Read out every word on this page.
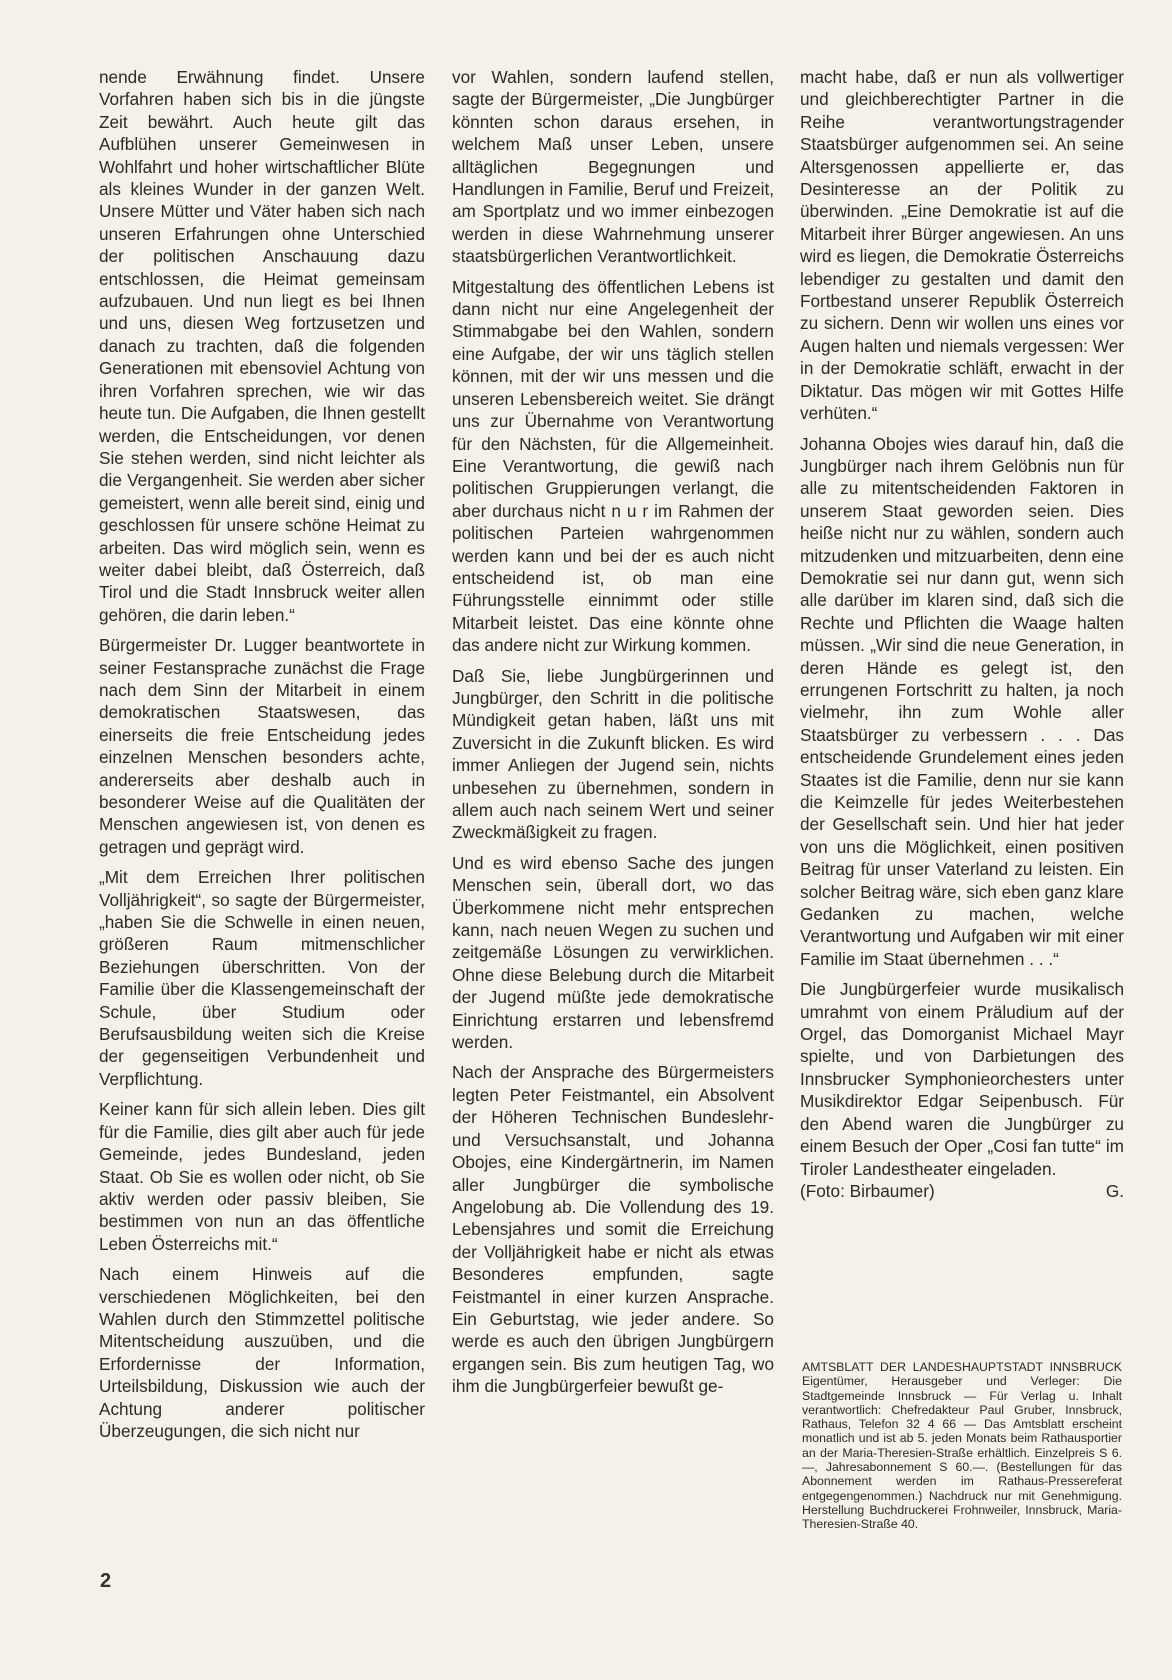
nende Erwähnung findet. Unsere Vorfahren haben sich bis in die jüngste Zeit bewährt. Auch heute gilt das Aufblühen unserer Gemeinwesen in Wohlfahrt und hoher wirtschaftlicher Blüte als kleines Wunder in der ganzen Welt. Unsere Mütter und Väter haben sich nach unseren Erfahrungen ohne Unterschied der politischen Anschauung dazu entschlossen, die Heimat gemeinsam aufzubauen. Und nun liegt es bei Ihnen und uns, diesen Weg fortzusetzen und danach zu trachten, daß die folgenden Generationen mit ebensoviel Achtung von ihren Vorfahren sprechen, wie wir das heute tun. Die Aufgaben, die Ihnen gestellt werden, die Entscheidungen, vor denen Sie stehen werden, sind nicht leichter als die Vergangenheit. Sie werden aber sicher gemeistert, wenn alle bereit sind, einig und geschlossen für unsere schöne Heimat zu arbeiten. Das wird möglich sein, wenn es weiter dabei bleibt, daß Österreich, daß Tirol und die Stadt Innsbruck weiter allen gehören, die darin leben.“

Bürgermeister Dr. Lugger beantwortete in seiner Festansprache zunächst die Frage nach dem Sinn der Mitarbeit in einem demokratischen Staatswesen, das einerseits die freie Entscheidung jedes einzelnen Menschen besonders achte, andererseits aber deshalb auch in besonderer Weise auf die Qualitäten der Menschen angewiesen ist, von denen es getragen und geprägt wird.

„Mit dem Erreichen Ihrer politischen Volljährigkeit“, so sagte der Bürgermeister, „haben Sie die Schwelle in einen neuen, größeren Raum mitmenschlicher Beziehungen überschritten. Von der Familie über die Klassengemeinschaft der Schule, über Studium oder Berufsausbildung weiten sich die Kreise der gegenseitigen Verbundenheit und Verpflichtung.

Keiner kann für sich allein leben. Dies gilt für die Familie, dies gilt aber auch für jede Gemeinde, jedes Bundesland, jeden Staat. Ob Sie es wollen oder nicht, ob Sie aktiv werden oder passiv bleiben, Sie bestimmen von nun an das öffentliche Leben Österreichs mit.“

Nach einem Hinweis auf die verschiedenen Möglichkeiten, bei den Wahlen durch den Stimmzettel politische Mitentscheidung auszuüben, und die Erfordernisse der Information, Urteilsbildung, Diskussion wie auch der Achtung anderer politischer Überzeugungen, die sich nicht nur

vor Wahlen, sondern laufend stellen, sagte der Bürgermeister, „Die Jungbürger könnten schon daraus ersehen, in welchem Maß unser Leben, unsere alltäglichen Begegnungen und Handlungen in Familie, Beruf und Freizeit, am Sportplatz und wo immer einbezogen werden in diese Wahrnehmung unserer staatsbürgerlichen Verantwortlichkeit.

Mitgestaltung des öffentlichen Lebens ist dann nicht nur eine Angelegenheit der Stimmabgabe bei den Wahlen, sondern eine Aufgabe, der wir uns täglich stellen können, mit der wir uns messen und die unseren Lebensbereich weitet. Sie drängt uns zur Übernahme von Verantwortung für den Nächsten, für die Allgemeinheit. Eine Verantwortung, die gewiß nach politischen Gruppierungen verlangt, die aber durchaus nicht n u r im Rahmen der politischen Parteien wahrgenommen werden kann und bei der es auch nicht entscheidend ist, ob man eine Führungsstelle einnimmt oder stille Mitarbeit leistet. Das eine könnte ohne das andere nicht zur Wirkung kommen.

Daß Sie, liebe Jungbürgerinnen und Jungbürger, den Schritt in die politische Mündigkeit getan haben, läßt uns mit Zuversicht in die Zukunft blicken. Es wird immer Anliegen der Jugend sein, nichts unbesehen zu übernehmen, sondern in allem auch nach seinem Wert und seiner Zweckmäßigkeit zu fragen.

Und es wird ebenso Sache des jungen Menschen sein, überall dort, wo das Überkommene nicht mehr entsprechen kann, nach neuen Wegen zu suchen und zeitgemäße Lösungen zu verwirklichen. Ohne diese Belebung durch die Mitarbeit der Jugend müßte jede demokratische Einrichtung erstarren und lebensfremd werden.

Nach der Ansprache des Bürgermeisters legten Peter Feistmantel, ein Absolvent der Höheren Technischen Bundeslehr- und Versuchsanstalt, und Johanna Obojes, eine Kindergärtnerin, im Namen aller Jungbürger die symbolische Angelobung ab. Die Vollendung des 19. Lebensjahres und somit die Erreichung der Volljährigkeit habe er nicht als etwas Besonderes empfunden, sagte Feistmantel in einer kurzen Ansprache. Ein Geburtstag, wie jeder andere. So werde es auch den übrigen Jungbürgern ergangen sein. Bis zum heutigen Tag, wo ihm die Jungbürgerfeier bewußt ge-

macht habe, daß er nun als vollwertiger und gleichberechtigter Partner in die Reihe verantwortungstragender Staatsbürger aufgenommen sei. An seine Altersgenossen appellierte er, das Desinteresse an der Politik zu überwinden. „Eine Demokratie ist auf die Mitarbeit ihrer Bürger angewiesen. An uns wird es liegen, die Demokratie Österreichs lebendiger zu gestalten und damit den Fortbestand unserer Republik Österreich zu sichern. Denn wir wollen uns eines vor Augen halten und niemals vergessen: Wer in der Demokratie schläft, erwacht in der Diktatur. Das mögen wir mit Gottes Hilfe verhüten.“

Johanna Obojes wies darauf hin, daß die Jungbürger nach ihrem Gelöbnis nun für alle zu mitentscheidenden Faktoren in unserem Staat geworden seien. Dies heiße nicht nur zu wählen, sondern auch mitzudenken und mitzuarbeiten, denn eine Demokratie sei nur dann gut, wenn sich alle darüber im klaren sind, daß sich die Rechte und Pflichten die Waage halten müssen. „Wir sind die neue Generation, in deren Hände es gelegt ist, den errungenen Fortschritt zu halten, ja noch vielmehr, ihn zum Wohle aller Staatsbürger zu verbessern . . . Das entscheidende Grundelement eines jeden Staates ist die Familie, denn nur sie kann die Keimzelle für jedes Weiterbestehen der Gesellschaft sein. Und hier hat jeder von uns die Möglichkeit, einen positiven Beitrag für unser Vaterland zu leisten. Ein solcher Beitrag wäre, sich eben ganz klare Gedanken zu machen, welche Verantwortung und Aufgaben wir mit einer Familie im Staat übernehmen . . .“

Die Jungbürgerfeier wurde musikalisch umrahmt von einem Präludium auf der Orgel, das Domorganist Michael Mayr spielte, und von Darbietungen des Innsbrucker Symphonieorchesters unter Musikdirektor Edgar Seipenbusch. Für den Abend waren die Jungbürger zu einem Besuch der Oper „Cosi fan tutte“ im Tiroler Landestheater eingeladen.

(Foto: Birbaumer)	G.

AMTSBLATT DER LANDESHAUPTSTADT INNSBRUCK Eigentümer, Herausgeber und Verleger: Die Stadtgemeinde Innsbruck — Für Verlag u. Inhalt verantwortlich: Chefredakteur Paul Gruber, Innsbruck, Rathaus, Telefon 32 4 66 — Das Amtsblatt erscheint monatlich und ist ab 5. jeden Monats beim Rathausportier an der Maria-Theresien-Straße erhältlich. Einzelpreis S 6.—, Jahresabonnement S 60.—. (Bestellungen für das Abonnement werden im Rathaus-Pressereferat entgegengenommen.) Nachdruck nur mit Genehmigung. Herstellung Buchdruckerei Frohnweiler, Innsbruck, Maria-Theresien-Straße 40.

2
